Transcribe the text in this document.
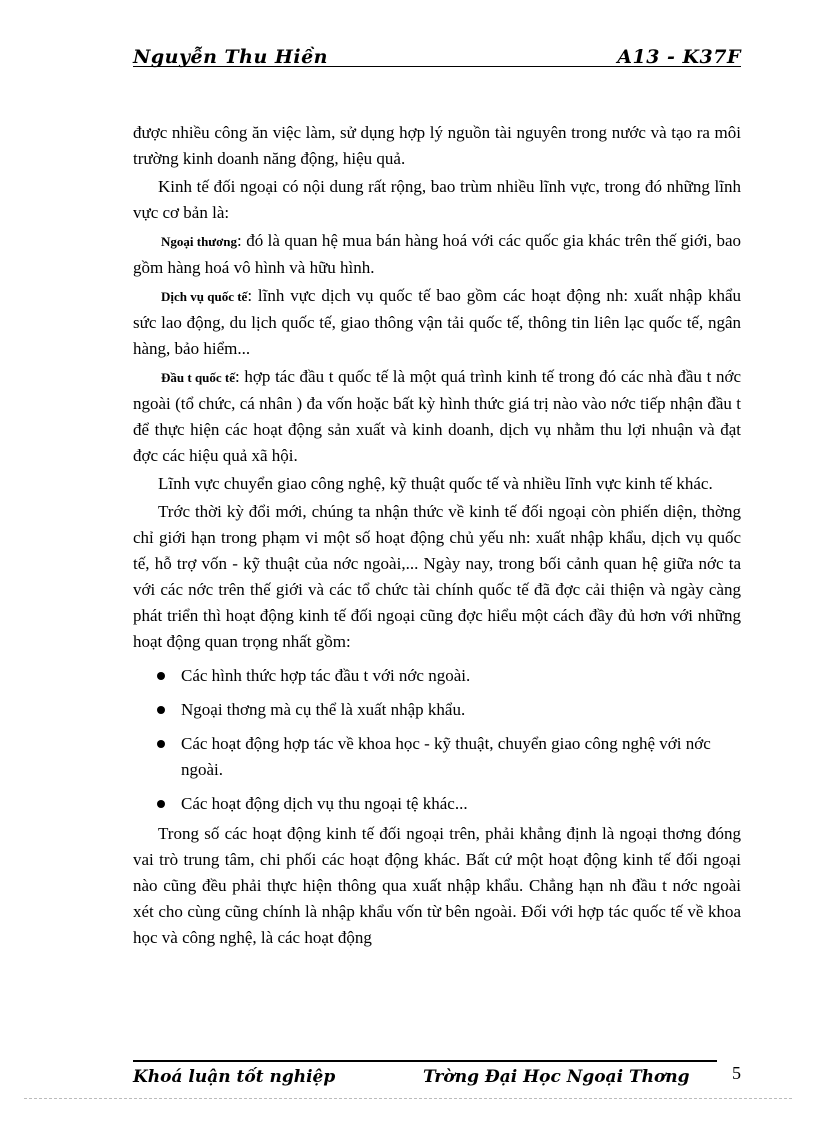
Nguyễn Thu Hiền	A13 - K37F

được nhiều công ăn việc làm, sử dụng hợp lý nguồn tài nguyên trong nước và tạo ra môi trường kinh doanh năng động, hiệu quả.

Kinh tế đối ngoại có nội dung rất rộng, bao trùm nhiều lĩnh vực, trong đó những lĩnh vực cơ bản là:

Ngoại thương: đó là quan hệ mua bán hàng hoá với các quốc gia khác trên thế giới, bao gồm hàng hoá vô hình và hữu hình.

Dịch vụ quốc tế: lĩnh vực dịch vụ quốc tế bao gồm các hoạt động nh: xuất nhập khẩu sức lao động, du lịch quốc tế, giao thông vận tải quốc tế, thông tin liên lạc quốc tế, ngân hàng, bảo hiểm...

Đầu t quốc tế: hợp tác đầu t quốc tế là một quá trình kinh tế trong đó các nhà đầu t nớc ngoài (tổ chức, cá nhân ) đa vốn hoặc bất kỳ hình thức giá trị nào vào nớc tiếp nhận đầu t để thực hiện các hoạt động sản xuất và kinh doanh, dịch vụ nhằm thu lợi nhuận và đạt đợc các hiệu quả xã hội.

Lĩnh vực chuyển giao công nghệ, kỹ thuật quốc tế và nhiều lĩnh vực kinh tế khác.

Trớc thời kỳ đổi mới, chúng ta nhận thức về kinh tế đối ngoại còn phiến diện, thờng chỉ giới hạn trong phạm vi một số hoạt động chủ yếu nh: xuất nhập khẩu, dịch vụ quốc tế, hỗ trợ vốn - kỹ thuật của nớc ngoài,... Ngày nay, trong bối cảnh quan hệ giữa nớc ta với các nớc trên thế giới và các tổ chức tài chính quốc tế đã đợc cải thiện và ngày càng phát triển thì hoạt động kinh tế đối ngoại cũng đợc hiểu một cách đầy đủ hơn với những hoạt động quan trọng nhất gồm:

Các hình thức hợp tác đầu t với nớc ngoài.
Ngoại thơng mà cụ thể là xuất nhập khẩu.
Các hoạt động hợp tác về khoa học - kỹ thuật, chuyển giao công nghệ với nớc ngoài.
Các hoạt động dịch vụ thu ngoại tệ khác...

Trong số các hoạt động kinh tế đối ngoại trên, phải khẳng định là ngoại thơng đóng vai trò trung tâm, chi phối các hoạt động khác. Bất cứ một hoạt động kinh tế đối ngoại nào cũng đều phải thực hiện thông qua xuất nhập khẩu. Chẳng hạn nh đầu t nớc ngoài xét cho cùng cũng chính là nhập khẩu vốn từ bên ngoài. Đối với hợp tác quốc tế về khoa học và công nghệ, là các hoạt động

Khoá luận tốt nghiệp	Trờng Đại Học Ngoại Thơng 5
